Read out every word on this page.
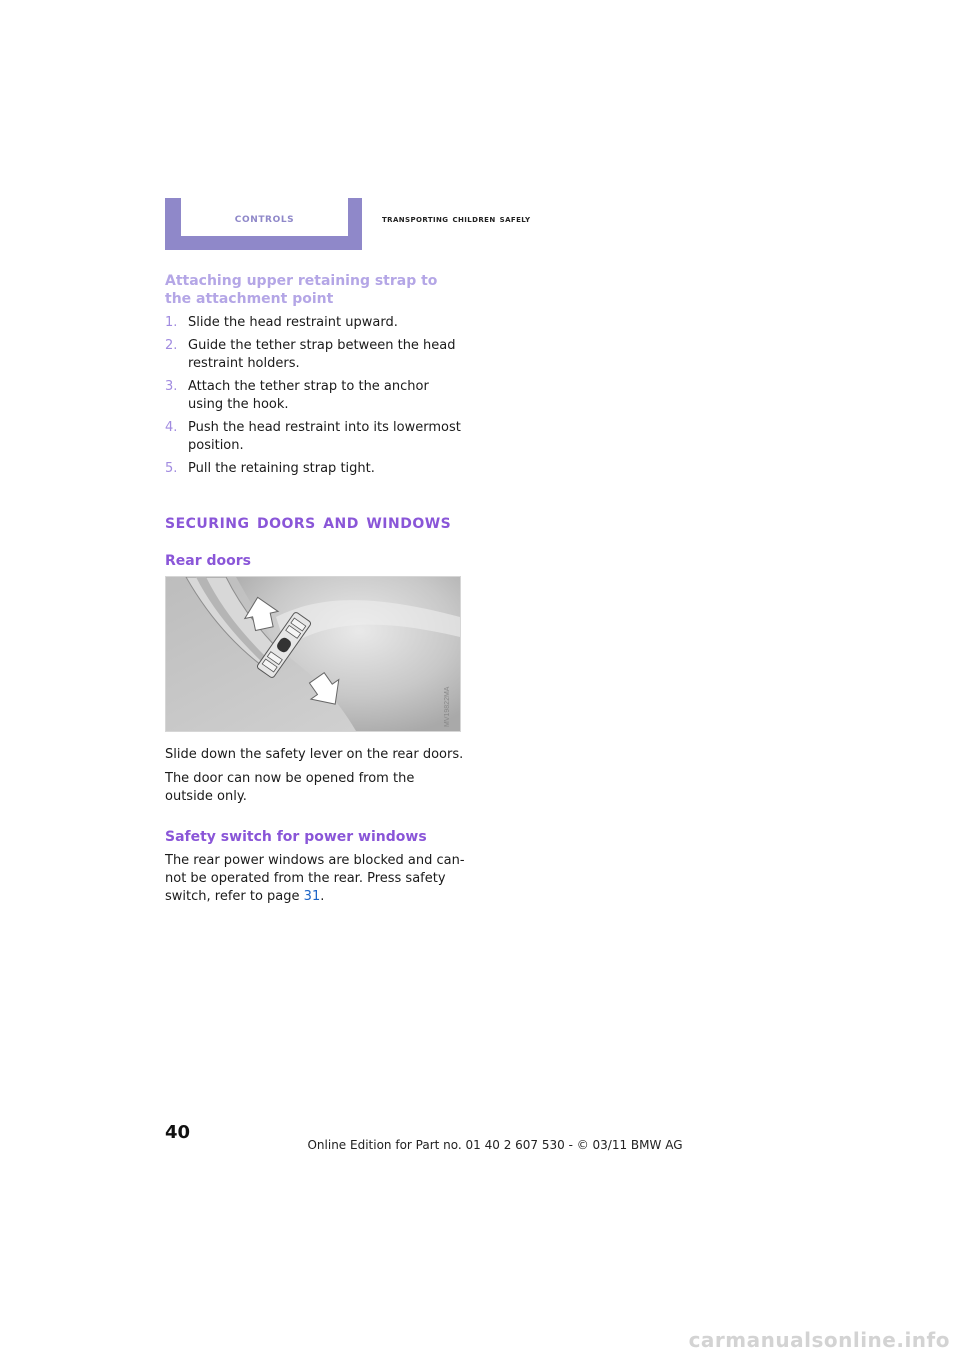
controls	transporting children safely
Attaching upper retaining strap to the attachment point
1. Slide the head restraint upward.
2. Guide the tether strap between the head restraint holders.
3. Attach the tether strap to the anchor using the hook.
4. Push the head restraint into its lowermost position.
5. Pull the retaining strap tight.
securing doors and windows
Rear doors
MV19822MA

Slide down the safety lever on the rear doors.

The door can now be opened from the outside only.

Safety switch for power windows

The rear power windows are blocked and can-not be operated from the rear. Press safety switch, refer to page 31.

40
Online Edition for Part no. 01 40 2 607 530 - © 03/11 BMW AG
carmanualsonline.info
